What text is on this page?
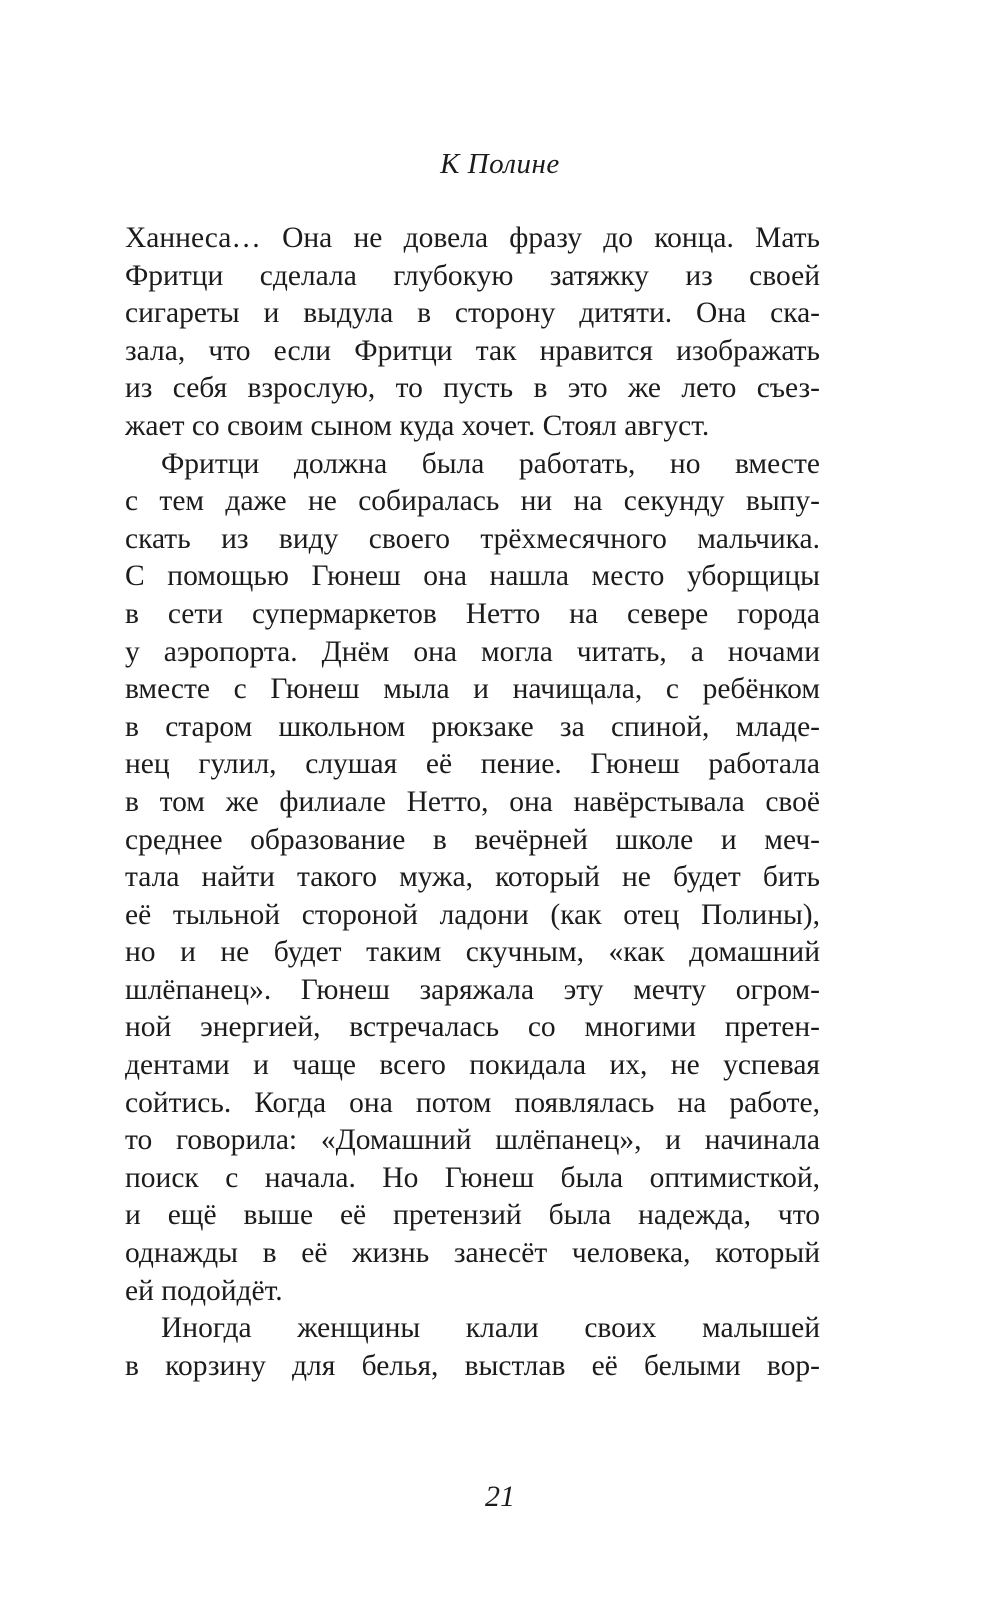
К Полине
Ханнеса… Она не довела фразу до конца. Мать
Фритци сделала глубокую затяжку из своей
сигареты и выдула в сторону дитяти. Она ска-
зала, что если Фритци так нравится изображать
из себя взрослую, то пусть в это же лето съез-
жает со своим сыном куда хочет. Стоял август.
Фритци должна была работать, но вместе
с тем даже не собиралась ни на секунду выпу-
скать из виду своего трёхмесячного мальчика.
С помощью Гюнеш она нашла место уборщицы
в сети супермаркетов Нетто на севере города
у аэропорта. Днём она могла читать, а ночами
вместе с Гюнеш мыла и начищала, с ребёнком
в старом школьном рюкзаке за спиной, младе-
нец гулил, слушая её пение. Гюнеш работала
в том же филиале Нетто, она навёрстывала своё
среднее образование в вечёрней школе и меч-
тала найти такого мужа, который не будет бить
её тыльной стороной ладони (как отец Полины),
но и не будет таким скучным, «как домашний
шлёпанец». Гюнеш заряжала эту мечту огром-
ной энергией, встречалась со многими претен-
дентами и чаще всего покидала их, не успевая
сойтись. Когда она потом появлялась на работе,
то говорила: «Домашний шлёпанец», и начинала
поиск с начала. Но Гюнеш была оптимисткой,
и ещё выше её претензий была надежда, что
однажды в её жизнь занесёт человека, который
ей подойдёт.
Иногда женщины клали своих малышей
в корзину для белья, выстлав её белыми вор-
21
